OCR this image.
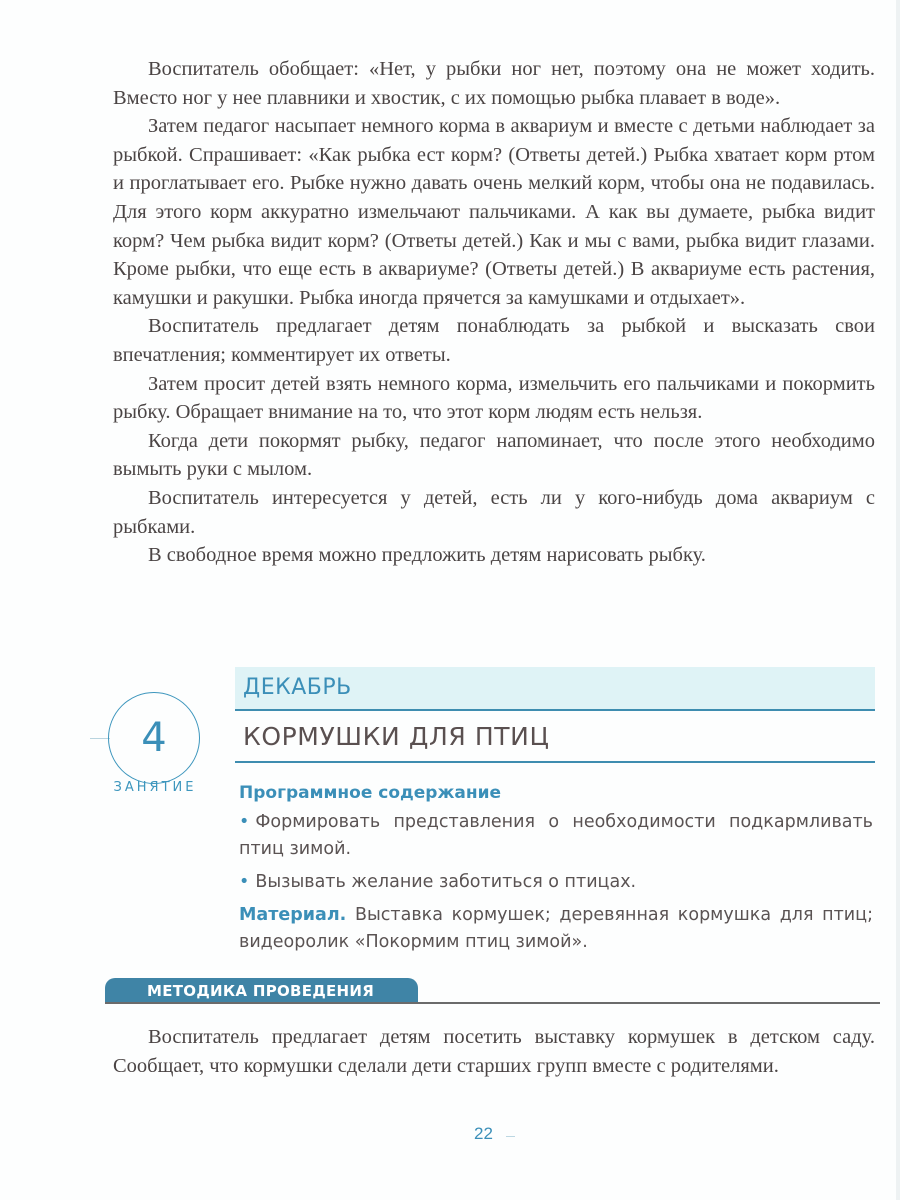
Воспитатель обобщает: «Нет, у рыбки ног нет, поэтому она не может ходить. Вместо ног у нее плавники и хвостик, с их помощью рыбка плавает в воде».

Затем педагог насыпает немного корма в аквариум и вместе с детьми наблюдает за рыбкой. Спрашивает: «Как рыбка ест корм? (Ответы детей.) Рыбка хватает корм ртом и проглатывает его. Рыбке нужно давать очень мелкий корм, чтобы она не подавилась. Для этого корм аккуратно измельчают пальчиками. А как вы думаете, рыбка видит корм? Чем рыбка видит корм? (Ответы детей.) Как и мы с вами, рыбка видит глазами. Кроме рыбки, что еще есть в аквариуме? (Ответы детей.) В аквариуме есть растения, камушки и ракушки. Рыбка иногда прячется за камушками и отдыхает».

Воспитатель предлагает детям понаблюдать за рыбкой и высказать свои впечатления; комментирует их ответы.

Затем просит детей взять немного корма, измельчить его пальчиками и покормить рыбку. Обращает внимание на то, что этот корм людям есть нельзя.

Когда дети покормят рыбку, педагог напоминает, что после этого необходимо вымыть руки с мылом.

Воспитатель интересуется у детей, есть ли у кого-нибудь дома аквариум с рыбками.

В свободное время можно предложить детям нарисовать рыбку.

4
ЗАНЯТИЕ
ДЕКАБРЬ
КОРМУШКИ ДЛЯ ПТИЦ
Программное содержание
• Формировать представления о необходимости подкармливать птиц зимой.
• Вызывать желание заботиться о птицах.
Материал. Выставка кормушек; деревянная кормушка для птиц; видеоролик «Покормим птиц зимой».
МЕТОДИКА ПРОВЕДЕНИЯ

Воспитатель предлагает детям посетить выставку кормушек в детском саду. Сообщает, что кормушки сделали дети старших групп вместе с родителями.

22
